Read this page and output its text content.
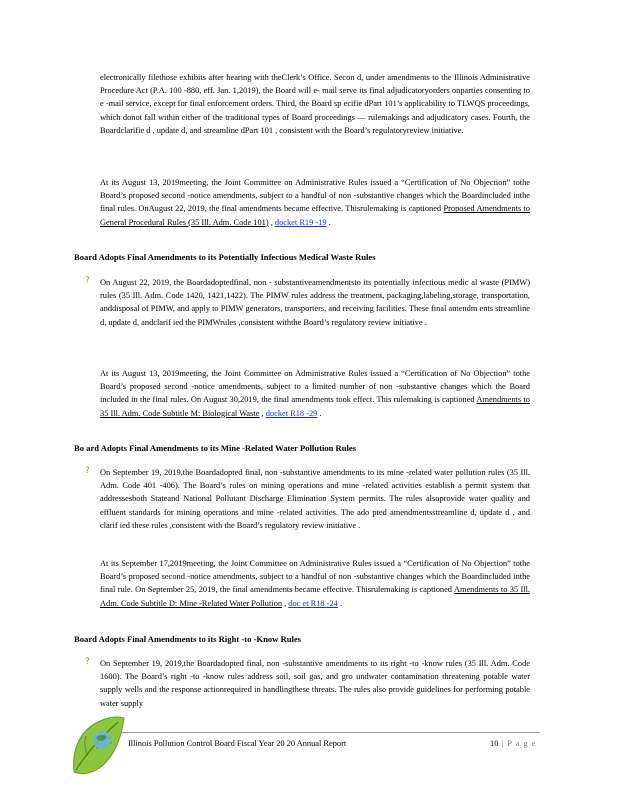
electronically filethose exhibits after hearing with theClerk’s Office. Secon d, under amendments to the Illinois Administrative Procedure Act (P.A. 100 -880, eff. Jan. 1,2019), the Board will e- mail serve its final adjudicatoryorders onparties consenting to e -mail service, except for final enforcement orders. Third, the Board sp ecifie dPart 101’s applicability to TLWQS proceedings, which donot fall within either of the traditional types of Board proceedings — rulemakings and adjudicatory cases. Fourth, the Boardclarifie d , update d, and streamline dPart 101 , consistent with the Board’s regulatoryreview initiative.

At its August 13, 2019meeting, the Joint Committee on Administrative Rules issued a “Certification of No Objection” tothe Board’s proposed second -notice amendments, subject to a handful of non -substantive changes which the Boardincluded inthe final rules. OnAugust 22, 2019, the final amendments became effective. Thisrulemaking is captioned Proposed Amendments to General Procedural Rules (35 Ill. Adm. Code 101) , docket R19 -19 .

Board Adopts Final Amendments to its Potentially Infectious Medical Waste Rules
? On August 22, 2019, the Boardadoptedfinal, non - substantiveamendmentsto its potentially infectious medic al waste (PIMW) rules (35 Ill. Adm. Code 1420, 1421,1422). The PIMW rules address the treatment, packaging,labeling,storage, transportation, anddisposal of PIMW, and apply to PIMW generators, transporters, and receiving facilities. These final amendm ents streamline d, update d, andclarif ied the PIMWrules ,consistent withthe Board’s regulatory review initiative .

At its August 13, 2019meeting, the Joint Committee on Administrative Rules issued a “Certification of No Objection” tothe Board’s proposed second -notice amendments, subject to a limited number of non -substantive changes which the Board included in the final rules. On August 30,2019, the final amendments took effect. This rulemaking is captioned Amendments to 35 Ill. Adm. Code Subtitle M: Biological Waste , docket R18 -29 .

Bo ard Adopts Final Amendments to its Mine -Related Water Pollution Rules
? On September 19, 2019,the Boardadopted final, non -substantive amendments to its mine -related water pollution rules (35 Ill. Adm. Code 401 -406). The Board’s rules on mining operations and mine -related activities establish a permit system that addressesboth Stateand National Pollutant Discharge Elimination System permits. The rules alsoprovide water quality and effluent standards for mining operations and mine -related activities. The ado pted amendmentsstreamline d, update d , and clarif ied these rules ,consistent with the Board’s regulatory review initiative .

At its September 17,2019meeting, the Joint Committee on Administrative Rules issued a “Certification of No Objection” tothe Board’s proposed second -notice amendments, subject to a handful of non -substantive changes which the Boardincluded inthe final rule. On September 25, 2019, the final amendments became effective. Thisrulemaking is captioned Amendments to 35 Ill. Adm. Code Subtitle D: Mine -Related Water Pollution , doc et R18 -24 .

Board Adopts Final Amendments to its Right -to -Know Rules
? On September 19, 2019,the Boardadopted final, non -substantive amendments to its right -to -know rules (35 Ill. Adm. Code 1600). The Board’s right -to -know rules address soil, soil gas, and gro undwater contamination threatening potable water supply wells and the response actionrequired in handlingthese threats. The rules also provide guidelines for performing potable water supply

Illinois Pollution Control Board Fiscal Year 20 20 Annual Report	10 | P a g e
